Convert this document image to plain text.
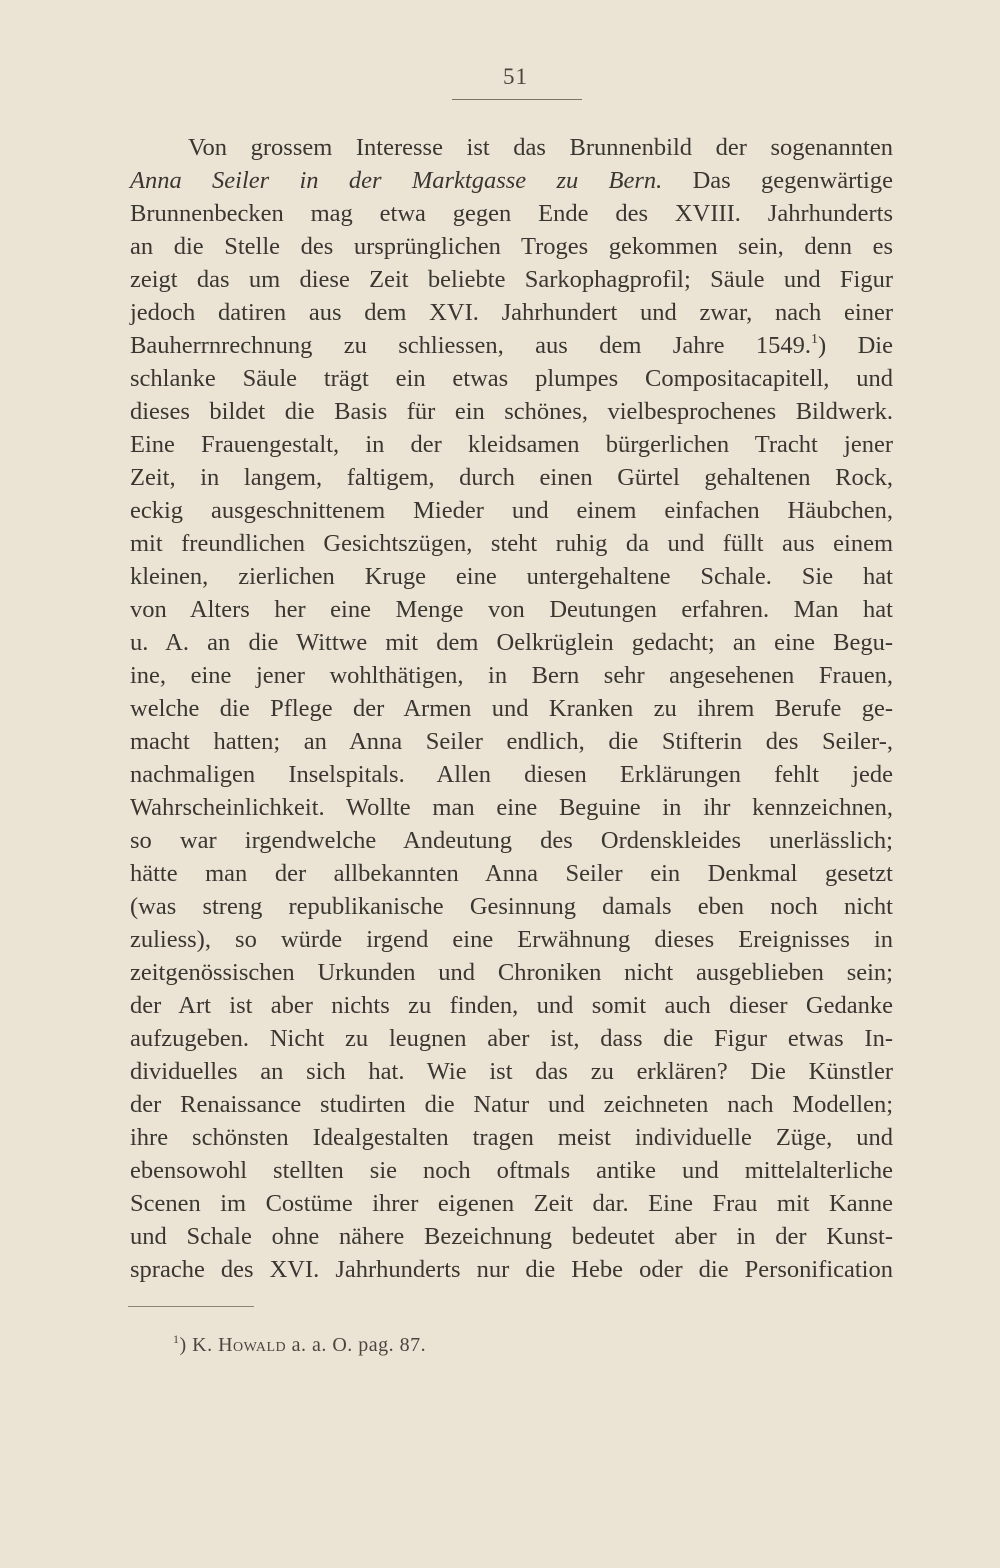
51
Von grossem Interesse ist das Brunnenbild der sogenannten
Anna Seiler in der Marktgasse zu Bern. Das gegenwärtige
Brunnenbecken mag etwa gegen Ende des XVIII. Jahrhunderts
an die Stelle des ursprünglichen Troges gekommen sein, denn es
zeigt das um diese Zeit beliebte Sarkophagprofil; Säule und Figur
jedoch datiren aus dem XVI. Jahrhundert und zwar, nach einer
Bauherrnrechnung zu schliessen, aus dem Jahre 1549.$^1$) Die
schlanke Säule trägt ein etwas plumpes Compositacapitell, und
dieses bildet die Basis für ein schönes, vielbesprochenes Bildwerk.
Eine Frauengestalt, in der kleidsamen bürgerlichen Tracht jener
Zeit, in langem, faltigem, durch einen Gürtel gehaltenen Rock,
eckig ausgeschnittenem Mieder und einem einfachen Häubchen,
mit freundlichen Gesichtszügen, steht ruhig da und füllt aus einem
kleinen, zierlichen Kruge eine untergehaltene Schale. Sie hat
von Alters her eine Menge von Deutungen erfahren. Man hat
u. A. an die Wittwe mit dem Oelkrüglein gedacht; an eine Begu-
ine, eine jener wohlthätigen, in Bern sehr angesehenen Frauen,
welche die Pflege der Armen und Kranken zu ihrem Berufe ge-
macht hatten; an Anna Seiler endlich, die Stifterin des Seiler-,
nachmaligen Inselspitals. Allen diesen Erklärungen fehlt jede
Wahrscheinlichkeit. Wollte man eine Beguine in ihr kennzeichnen,
so war irgendwelche Andeutung des Ordenskleides unerlässlich;
hätte man der allbekannten Anna Seiler ein Denkmal gesetzt
(was streng republikanische Gesinnung damals eben noch nicht
zuliess), so würde irgend eine Erwähnung dieses Ereignisses in
zeitgenössischen Urkunden und Chroniken nicht ausgeblieben sein;
der Art ist aber nichts zu finden, und somit auch dieser Gedanke
aufzugeben. Nicht zu leugnen aber ist, dass die Figur etwas In-
dividuelles an sich hat. Wie ist das zu erklären? Die Künstler
der Renaissance studirten die Natur und zeichneten nach Modellen;
ihre schönsten Idealgestalten tragen meist individuelle Züge, und
ebensowohl stellten sie noch oftmals antike und mittelalterliche
Scenen im Costüme ihrer eigenen Zeit dar. Eine Frau mit Kanne
und Schale ohne nähere Bezeichnung bedeutet aber in der Kunst-
sprache des XVI. Jahrhunderts nur die Hebe oder die Personification
$^1$) K. Howald a. a. O. pag. 87.
